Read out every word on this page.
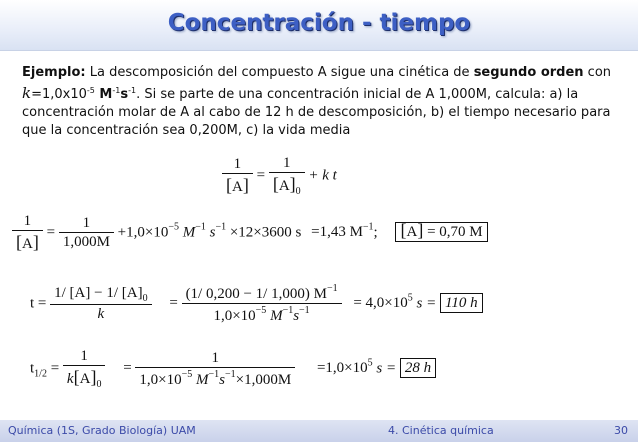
Concentración - tiempo
Ejemplo: La descomposición del compuesto A sigue una cinética de segundo orden con $k=1,0x10^{-5}$ $M^{-1}s^{-1}$. Si se parte de una concentración inicial de A 1,000M, calcula: a) la concentración molar de A al cabo de 12 h de descomposición, b) el tiempo necesario para que la concentración sea 0,200M, c) la vida media
$\frac{1}{[A]} = \frac{1}{[A]_0} + k$ t
$\frac{1}{[A]} = \frac{1}{1,000M} +1,0\times 10^{-5}$ $M^{-1}$ $s^{-1} \times 12\times 3600$ s =1,43 $M^{-1}$; [A] = 0,70 M
$t = \frac{1/ [A] - 1/ [A]_0}{k} = \frac{(1/ 0,200 - 1/ 1,000) M^{-1}}{1,0\times 10^{-5} M^{-1}s^{-1}} = 4,0\times 10^5$ s = 110 h
$t_{1/2} = \frac{1}{k[A]_0} = \frac{1}{1,0\times 10^{-5} M^{-1}s^{-1}\times 1,000M} =1,0\times 10^5$ s = 28 h
Química (1S, Grado Biología) UAM	4. Cinética química	30
